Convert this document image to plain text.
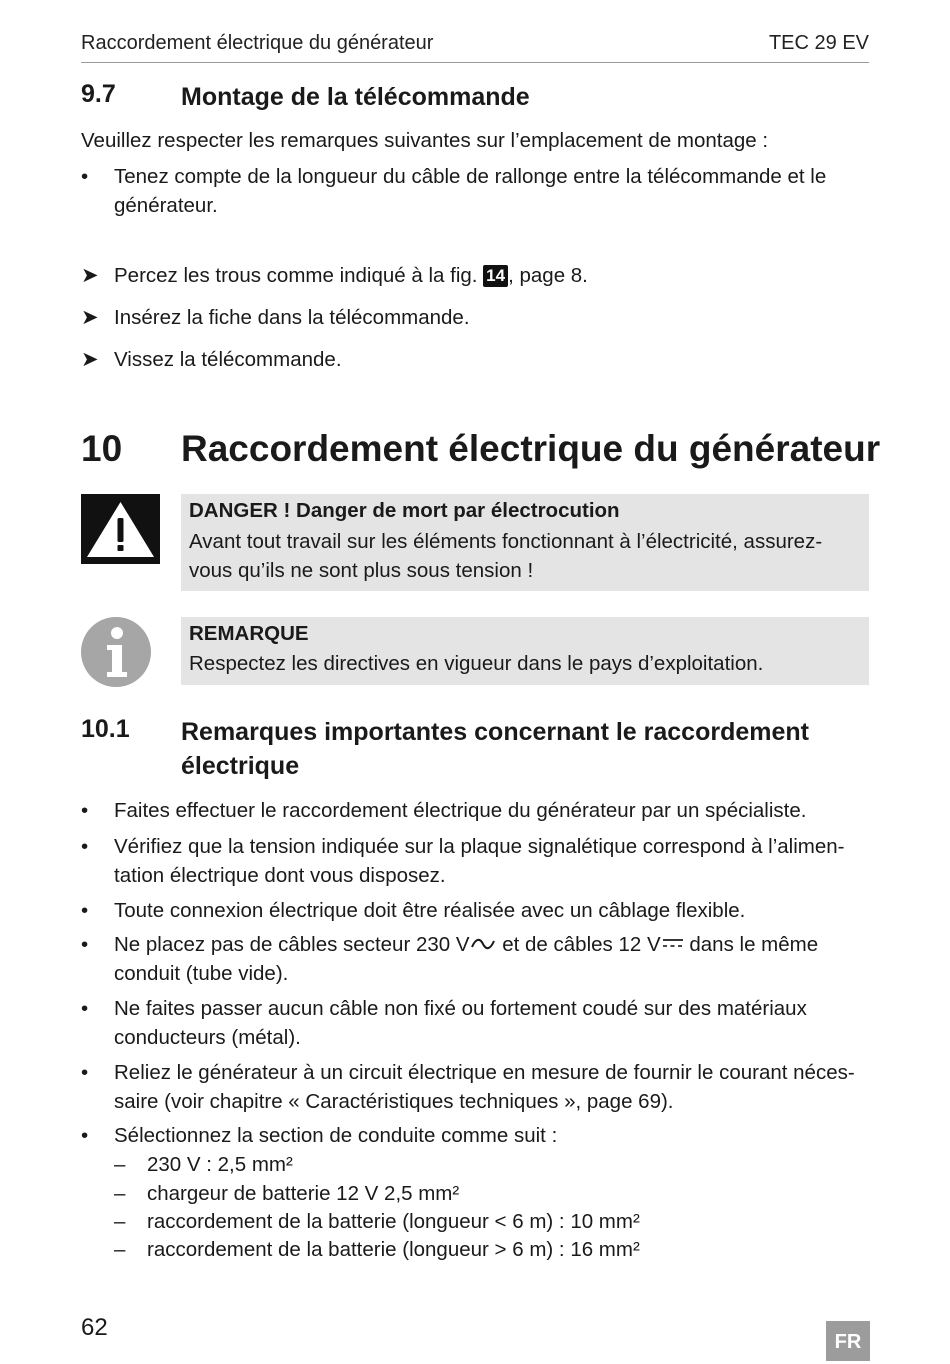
Raccordement électrique du générateur	TEC 29 EV
9.7	Montage de la télécommande
Veuillez respecter les remarques suivantes sur l’emplacement de montage :
• Tenez compte de la longueur du câble de rallonge entre la télécommande et le générateur.
➤ Percez les trous comme indiqué à la fig. 14 , page 8.
➤ Insérez la fiche dans la télécommande.
➤ Vissez la télécommande.
10 Raccordement électrique du générateur
DANGER ! Danger de mort par électrocution
Avant tout travail sur les éléments fonctionnant à l’électricité, assurez-
vous qu’ils ne sont plus sous tension !
REMARQUE
Respectez les directives en vigueur dans le pays d’exploitation.
10.1 Remarques importantes concernant le raccordement
électrique
• Faites effectuer le raccordement électrique du générateur par un spécialiste.
• Vérifiez que la tension indiquée sur la plaque signalétique correspond à l’alimen-
tation électrique dont vous disposez.
• Toute connexion électrique doit être réalisée avec un câblage flexible.
• Ne placez pas de câbles secteur 230 V et de câbles 12 V dans le même
conduit (tube vide).
• Ne faites passer aucun câble non fixé ou fortement coudé sur des matériaux
conducteurs (métal).
• Reliez le générateur à un circuit électrique en mesure de fournir le courant néces-
saire (voir chapitre « Caractéristiques techniques », page 69).
• Sélectionnez la section de conduite comme suit :
– 230 V : 2,5 mm²
– chargeur de batterie 12 V 2,5 mm²
– raccordement de la batterie (longueur < 6 m) : 10 mm²
– raccordement de la batterie (longueur > 6 m) : 16 mm²
62
FR
